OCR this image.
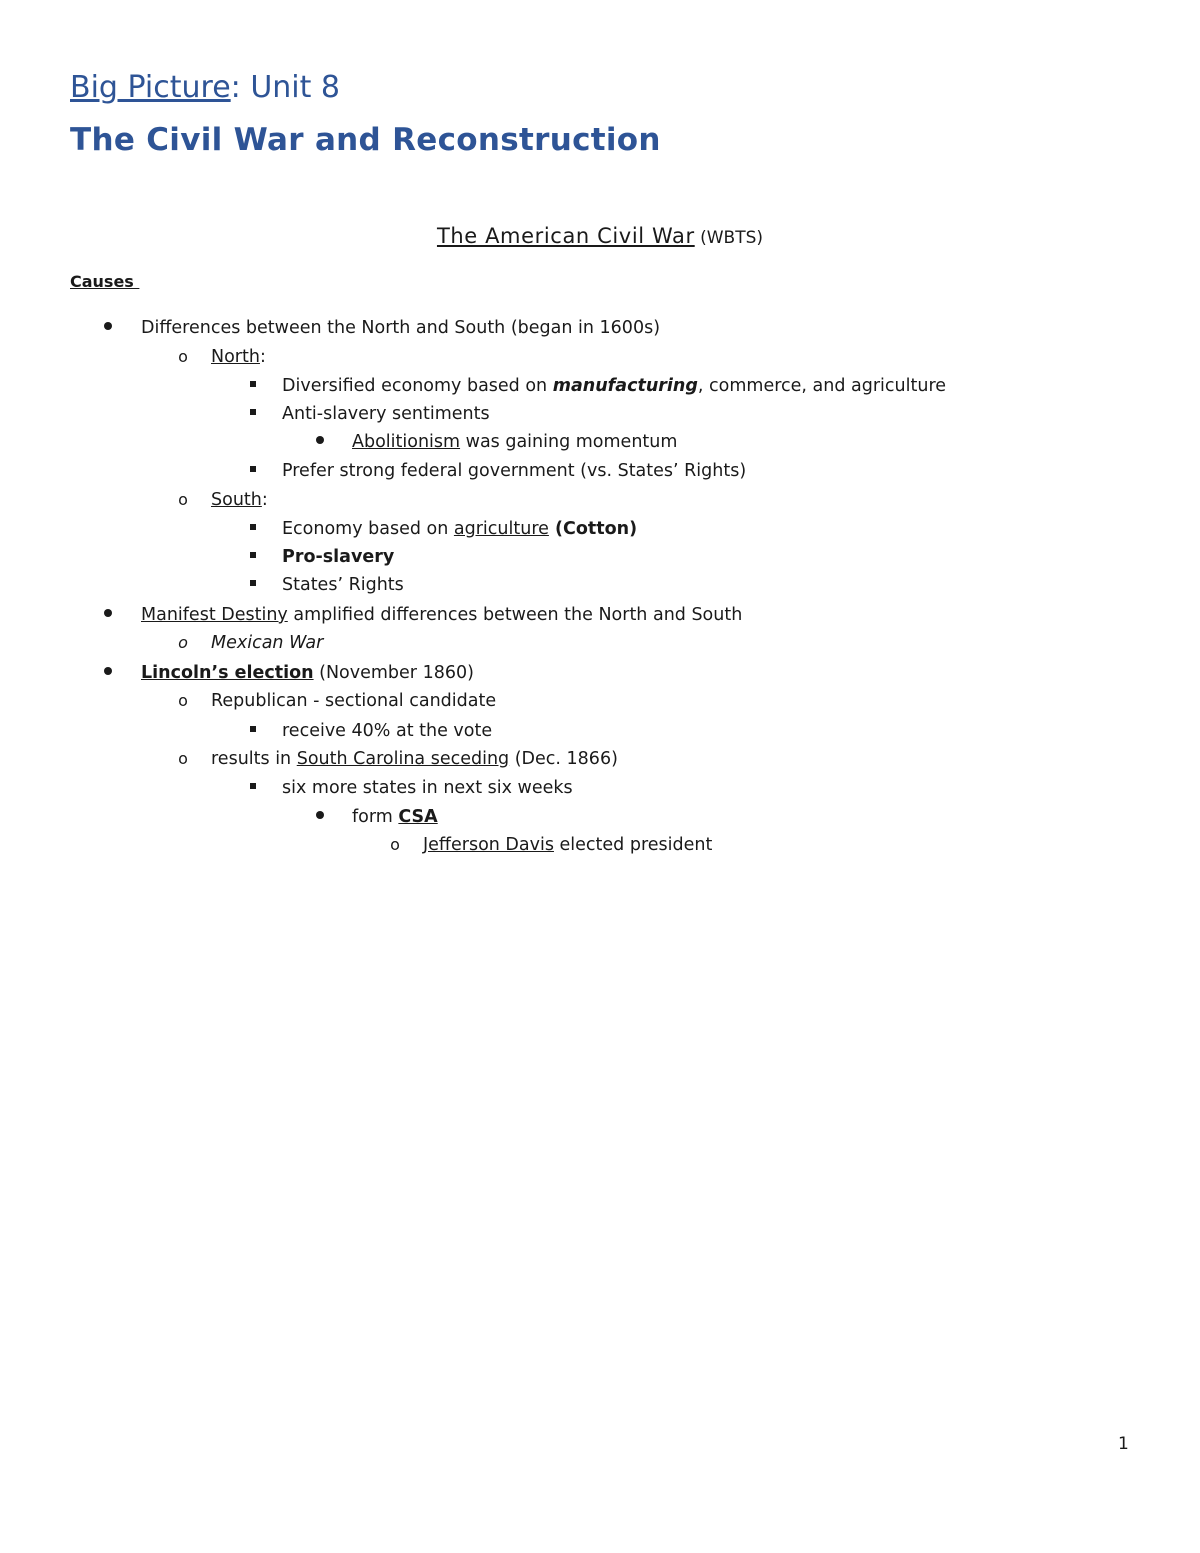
Big Picture: Unit 8
The Civil War and Reconstruction
The American Civil War (WBTS)
Causes
Differences between the North and South (began in 1600s)
o
North:
Diversified economy based on manufacturing, commerce, and agriculture
Anti-slavery sentiments
Abolitionism was gaining momentum
Prefer strong federal government (vs. States’ Rights)
o
South:
Economy based on agriculture (Cotton)
Pro-slavery
States’ Rights
Manifest Destiny amplified differences between the North and South
o
Mexican War
Lincoln’s election (November 1860)
o
Republican - sectional candidate
receive 40% at the vote
o
results in South Carolina seceding (Dec. 1866)
six more states in next six weeks
form CSA
o
Jefferson Davis elected president
1
